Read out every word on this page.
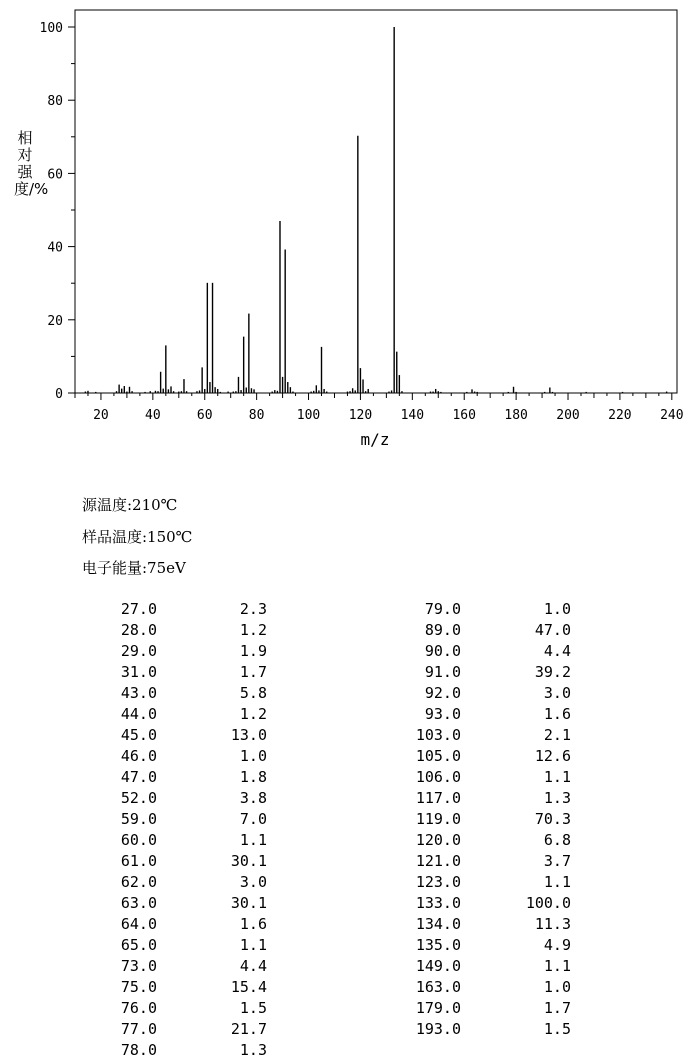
20	40	60	80 100 120 140 160 180 200 220 240
0
20
40
60
80
100
相对强度/%
m/z
源温度:210℃
样品温度:150℃
电子能量:75eV
27.0	2.3
28.0	1.2
29.0	1.9
31.0	1.7
43.0	5.8
44.0	1.2
45.0	13.0
46.0	1.0
47.0	1.8
52.0	3.8
59.0	7.0
60.0	1.1
61.0	30.1
62.0	3.0
63.0	30.1
64.0	1.6
65.0	1.1
73.0	4.4
75.0	15.4
76.0	1.5
77.0	21.7
78.0	1.3
79.0	1.0
89.0	47.0
90.0	4.4
91.0	39.2
92.0	3.0
93.0	1.6
103.0	2.1
105.0	12.6
106.0	1.1
117.0	1.3
119.0	70.3
120.0	6.8
121.0	3.7
123.0	1.1
133.0	100.0
134.0	11.3
135.0	4.9
149.0	1.1
163.0	1.0
179.0	1.7
193.0	1.5
